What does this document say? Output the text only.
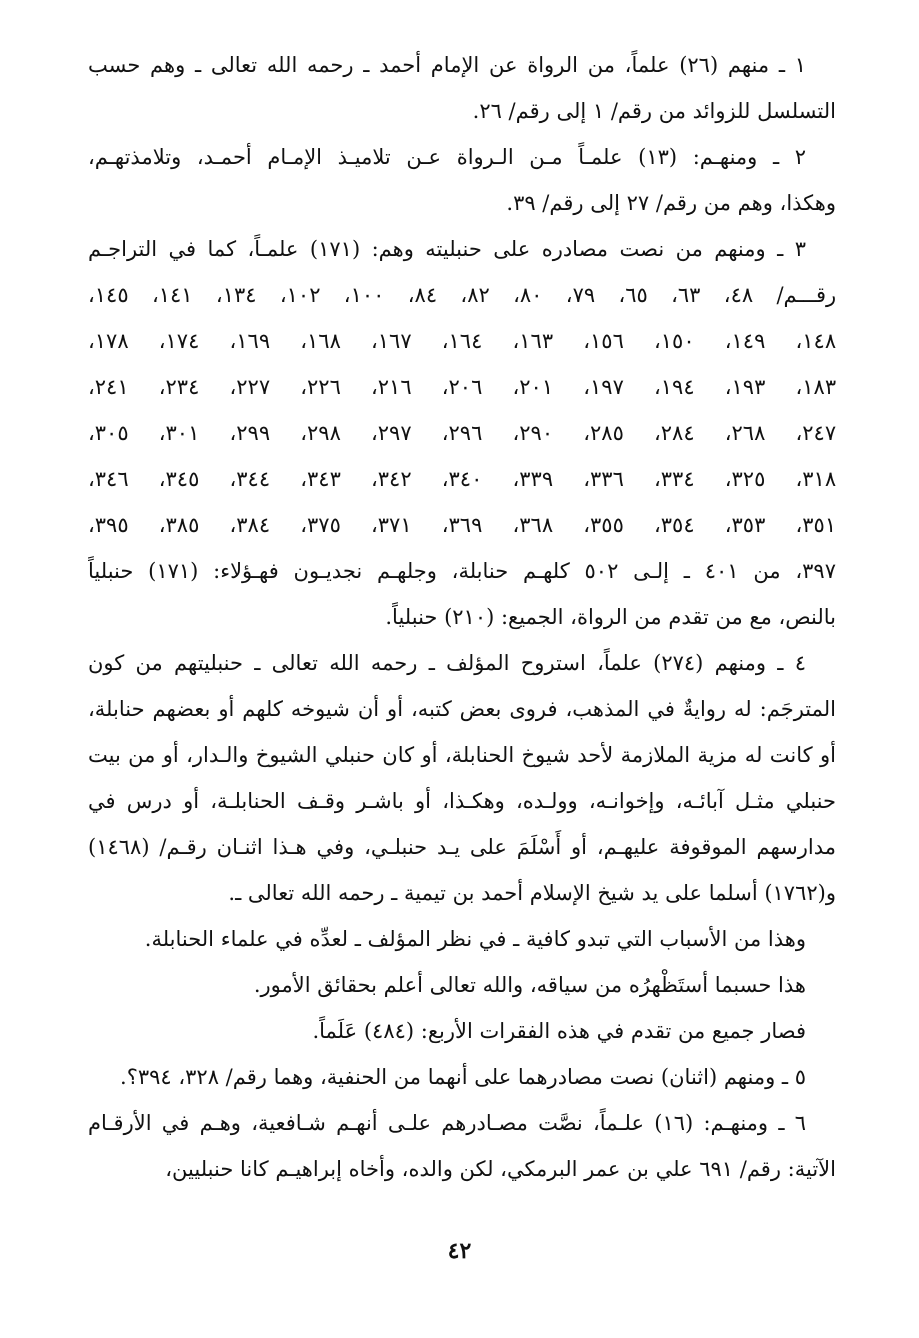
١ ـ منهم (٢٦) علماً، من الرواة عن الإمام أحمد ـ رحمه الله تعالى ـ وهم حسب
التسلسل للزوائد من رقم/ ١ إلى رقم/ ٢٦.
٢ ـ ومنهـم: (١٣) علمـاً مـن الـرواة عـن تلاميـذ الإمـام أحمـد، وتلامذتهـم،
وهكذا، وهم من رقم/ ٢٧ إلى رقم/ ٣٩.
٣ ـ ومنهم من نصت مصادره على حنبليته وهم: (١٧١) علمـاً، كما في التراجـم
رقـــم/ ٤٨، ٦٣، ٦٥، ٧٩، ٨٠، ٨٢، ٨٤، ١٠٠، ١٠٢، ١٣٤، ١٤١، ١٤٥،
١٤٨، ١٤٩، ١٥٠، ١٥٦، ١٦٣، ١٦٤، ١٦٧، ١٦٨، ١٦٩، ١٧٤، ١٧٨،
١٨٣، ١٩٣، ١٩٤، ١٩٧، ٢٠١، ٢٠٦، ٢١٦، ٢٢٦، ٢٢٧، ٢٣٤، ٢٤١،
٢٤٧، ٢٦٨، ٢٨٤، ٢٨٥، ٢٩٠، ٢٩٦، ٢٩٧، ٢٩٨، ٢٩٩، ٣٠١، ٣٠٥،
٣١٨، ٣٢٥، ٣٣٤، ٣٣٦، ٣٣٩، ٣٤٠، ٣٤٢، ٣٤٣، ٣٤٤، ٣٤٥، ٣٤٦،
٣٥١، ٣٥٣، ٣٥٤، ٣٥٥، ٣٦٨، ٣٦٩، ٣٧١، ٣٧٥، ٣٨٤، ٣٨٥، ٣٩٥،
٣٩٧، من ٤٠١ ـ إلـى ٥٠٢ كلهـم حنابلة، وجلهـم نجديـون فهـؤلاء: (١٧١) حنبلياً
بالنص، مع من تقدم من الرواة، الجميع: (٢١٠) حنبلياً.
٤ ـ ومنهم (٢٧٤) علماً، استروح المؤلف ـ رحمه الله تعالى ـ حنبليتهم من كون
المترجَم: له روايةٌ في المذهب، فروى بعض كتبه، أو أن شيوخه كلهم أو بعضهم حنابلة،
أو كانت له مزية الملازمة لأحد شيوخ الحنابلة، أو كان حنبلي الشيوخ والـدار، أو من بيت
حنبلي مثـل آبائـه، وإخوانـه، وولـده، وهكـذا، أو باشـر وقـف الحنابلـة، أو درس في
مدارسهم الموقوفة عليهـم، أو أَسْلَمَ على يـد حنبلـي، وفي هـذا اثنـان رقـم/ (١٤٦٨)
و(١٧٦٢) أسلما على يد شيخ الإسلام أحمد بن تيمية ـ رحمه الله تعالى ـ.
وهذا من الأسباب التي تبدو كافية ـ في نظر المؤلف ـ لعدِّه في علماء الحنابلة.
هذا حسبما أستَظْهرُه من سياقه، والله تعالى أعلم بحقائق الأمور.
فصار جميع من تقدم في هذه الفقرات الأربع: (٤٨٤) عَلَماً.
٥ ـ ومنهم (اثنان) نصت مصادرهما على أنهما من الحنفية، وهما رقم/ ٣٢٨، ٣٩٤؟.
٦ ـ ومنهـم: (١٦) علـماً، نصَّت مصـادرهم علـى أنهـم شـافعية، وهـم في الأرقـام
الآتية: رقم/ ٦٩١ علي بن عمر البرمكي، لكن والده، وأخاه إبراهيـم كانا حنبليين،
٤٢
